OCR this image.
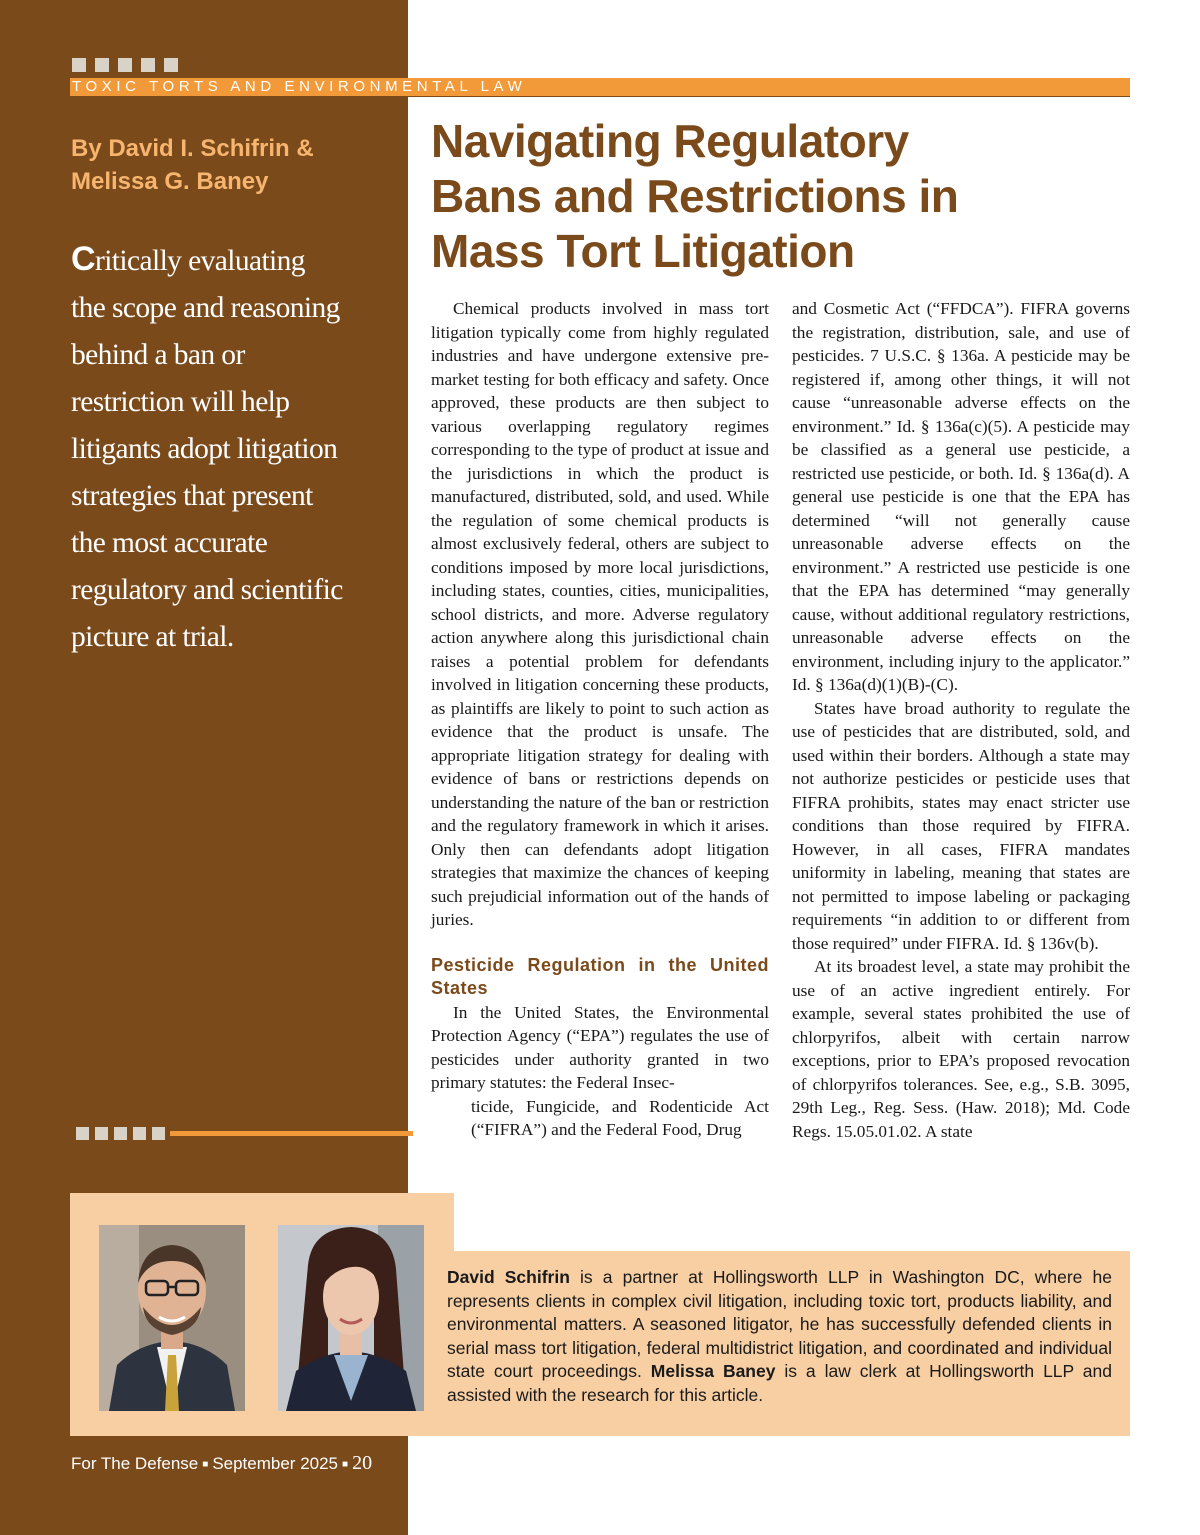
TOXIC TORTS AND ENVIRONMENTAL LAW
By David I. Schifrin &
Melissa G. Baney
Critically evaluating
the scope and reasoning
behind a ban or
restriction will help
litigants adopt litigation
strategies that present
the most accurate
regulatory and scientific
picture at trial.
Navigating Regulatory
Bans and Restrictions in
Mass Tort Litigation

Chemical products involved in mass tort litigation typically come from highly regulated industries and have undergone extensive pre-market testing for both efficacy and safety. Once approved, these products are then subject to various overlapping regulatory regimes corresponding to the type of product at issue and the jurisdictions in which the product is manufactured, distributed, sold, and used. While the regulation of some chemical products is almost exclusively federal, others are subject to conditions imposed by more local jurisdictions, including states, counties, cities, municipalities, school districts, and more. Adverse regulatory action anywhere along this jurisdictional chain raises a potential problem for defendants involved in litigation concerning these products, as plaintiffs are likely to point to such action as evidence that the product is unsafe. The appropriate litigation strategy for dealing with evidence of bans or restrictions depends on understanding the nature of the ban or restriction and the regulatory framework in which it arises. Only then can defendants adopt litigation strategies that maximize the chances of keeping such prejudicial information out of the hands of juries.

Pesticide Regulation in the United States

In the United States, the Environmental Protection Agency (“EPA”) regulates the use of pesticides under authority granted in two primary statutes: the Federal Insec-

ticide, Fungicide, and Rodenticide Act (“FIFRA”) and the Federal Food, Drug

and Cosmetic Act (“FFDCA”). FIFRA governs the registration, distribution, sale, and use of pesticides. 7 U.S.C. § 136a. A pesticide may be registered if, among other things, it will not cause “unreasonable adverse effects on the environment.” Id. § 136a(c)(5). A pesticide may be classified as a general use pesticide, a restricted use pesticide, or both. Id. § 136a(d). A general use pesticide is one that the EPA has determined “will not generally cause unreasonable adverse effects on the environment.” A restricted use pesticide is one that the EPA has determined “may generally cause, without additional regulatory restrictions, unreasonable adverse effects on the environment, including injury to the applicator.” Id. § 136a(d)(1)(B)-(C).

States have broad authority to regulate the use of pesticides that are distributed, sold, and used within their borders. Although a state may not authorize pesticides or pesticide uses that FIFRA prohibits, states may enact stricter use conditions than those required by FIFRA. However, in all cases, FIFRA mandates uniformity in labeling, meaning that states are not permitted to impose labeling or packaging requirements “in addition to or different from those required” under FIFRA. Id. § 136v(b).

At its broadest level, a state may prohibit the use of an active ingredient entirely. For example, several states prohibited the use of chlorpyrifos, albeit with certain narrow exceptions, prior to EPA’s proposed revocation of chlorpyrifos tolerances. See, e.g., S.B. 3095, 29th Leg., Reg. Sess. (Haw. 2018); Md. Code Regs. 15.05.01.02. A state

David Schifrin is a partner at Hollingsworth LLP in Washington DC, where he represents clients in complex civil litigation, including toxic tort, products liability, and environmental matters. A seasoned litigator, he has successfully defended clients in serial mass tort litigation, federal multidistrict litigation, and coordinated and individual state court proceedings. Melissa Baney is a law clerk at Hollingsworth LLP and assisted with the research for this article.
For The Defense ■ September 2025 ■ 20
